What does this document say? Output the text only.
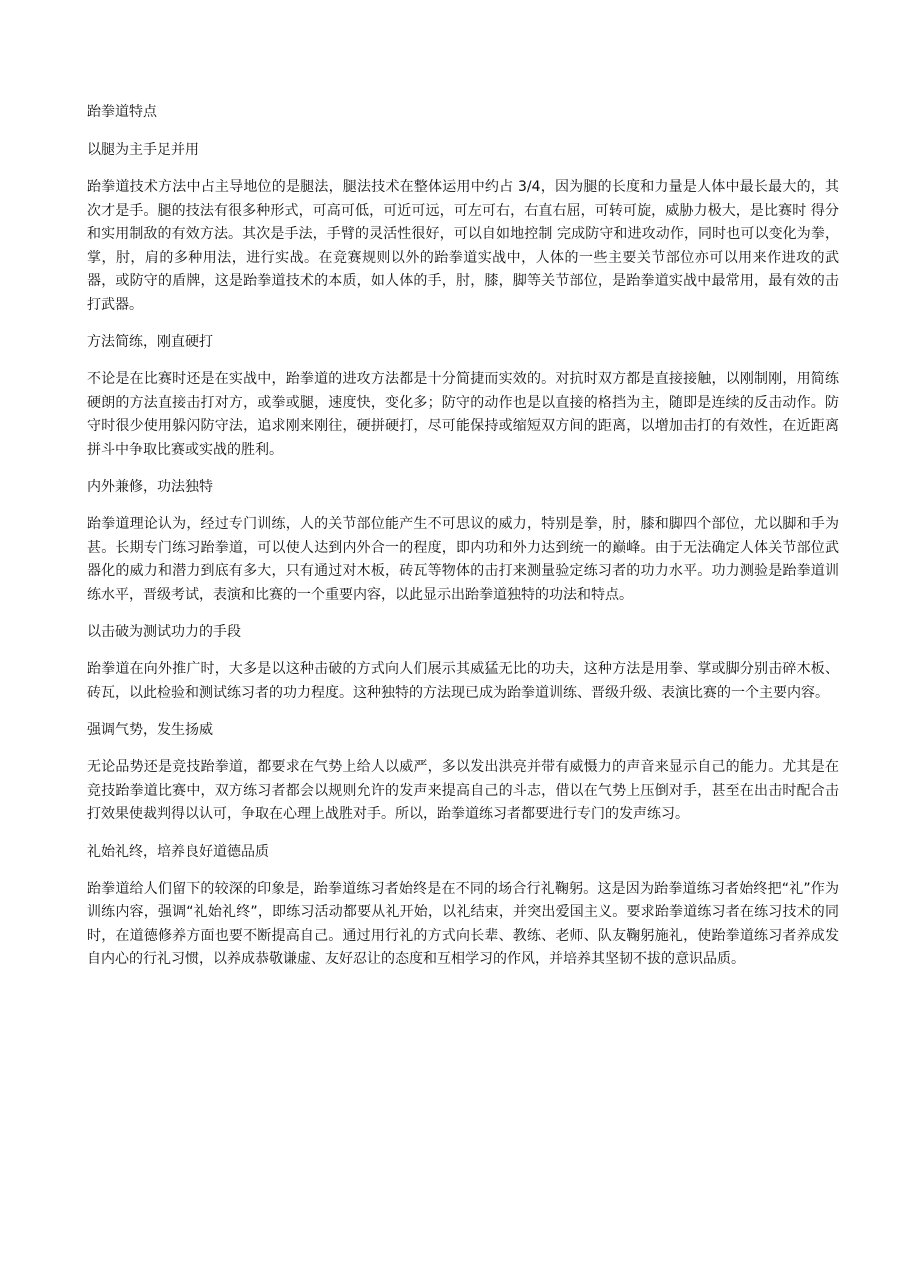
跆拳道特点
以腿为主手足并用
跆拳道技术方法中占主导地位的是腿法，腿法技术在整体运用中约占 3/4，因为腿的长度和力量是人体中最长最大的，其次才是手。腿的技法有很多种形式，可高可低，可近可远，可左可右，右直右屈，可转可旋，威胁力极大，是比赛时 得分和实用制敌的有效方法。其次是手法，手臂的灵活性很好，可以自如地控制 完成防守和进攻动作，同时也可以变化为拳，掌，肘，肩的多种用法，进行实战。在竞赛规则以外的跆拳道实战中，人体的一些主要关节部位亦可以用来作进攻的武器，或防守的盾牌，这是跆拳道技术的本质，如人体的手，肘，膝，脚等关节部位，是跆拳道实战中最常用，最有效的击打武器。
方法简练，刚直硬打
不论是在比赛时还是在实战中，跆拳道的进攻方法都是十分简捷而实效的。对抗时双方都是直接接触，以刚制刚，用简练硬朗的方法直接击打对方，或拳或腿，速度快，变化多；防守的动作也是以直接的格挡为主，随即是连续的反击动作。防守时很少使用躲闪防守法，追求刚来刚往，硬拼硬打，尽可能保持或缩短双方间的距离，以增加击打的有效性，在近距离拼斗中争取比赛或实战的胜利。
内外兼修，功法独特
跆拳道理论认为，经过专门训练，人的关节部位能产生不可思议的威力，特别是拳，肘，膝和脚四个部位，尤以脚和手为甚。长期专门练习跆拳道，可以使人达到内外合一的程度，即内功和外力达到统一的巅峰。由于无法确定人体关节部位武器化的威力和潜力到底有多大，只有通过对木板，砖瓦等物体的击打来测量验定练习者的功力水平。功力测验是跆拳道训练水平，晋级考试，表演和比赛的一个重要内容，以此显示出跆拳道独特的功法和特点。
以击破为测试功力的手段
跆拳道在向外推广时，大多是以这种击破的方式向人们展示其威猛无比的功夫，这种方法是用拳、掌或脚分别击碎木板、砖瓦，以此检验和测试练习者的功力程度。这种独特的方法现已成为跆拳道训练、晋级升级、表演比赛的一个主要内容。
强调气势，发生扬威
无论品势还是竞技跆拳道，都要求在气势上给人以威严，多以发出洪亮并带有威慑力的声音来显示自己的能力。尤其是在竞技跆拳道比赛中，双方练习者都会以规则允许的发声来提高自己的斗志，借以在气势上压倒对手，甚至在出击时配合击打效果使裁判得以认可，争取在心理上战胜对手。所以，跆拳道练习者都要进行专门的发声练习。
礼始礼终，培养良好道德品质
跆拳道给人们留下的较深的印象是，跆拳道练习者始终是在不同的场合行礼鞠躬。这是因为跆拳道练习者始终把“礼”作为训练内容，强调“礼始礼终”，即练习活动都要从礼开始，以礼结束，并突出爱国主义。要求跆拳道练习者在练习技术的同时，在道德修养方面也要不断提高自己。通过用行礼的方式向长辈、教练、老师、队友鞠躬施礼，使跆拳道练习者养成发自内心的行礼习惯，以养成恭敬谦虚、友好忍让的态度和互相学习的作风，并培养其坚韧不拔的意识品质。
